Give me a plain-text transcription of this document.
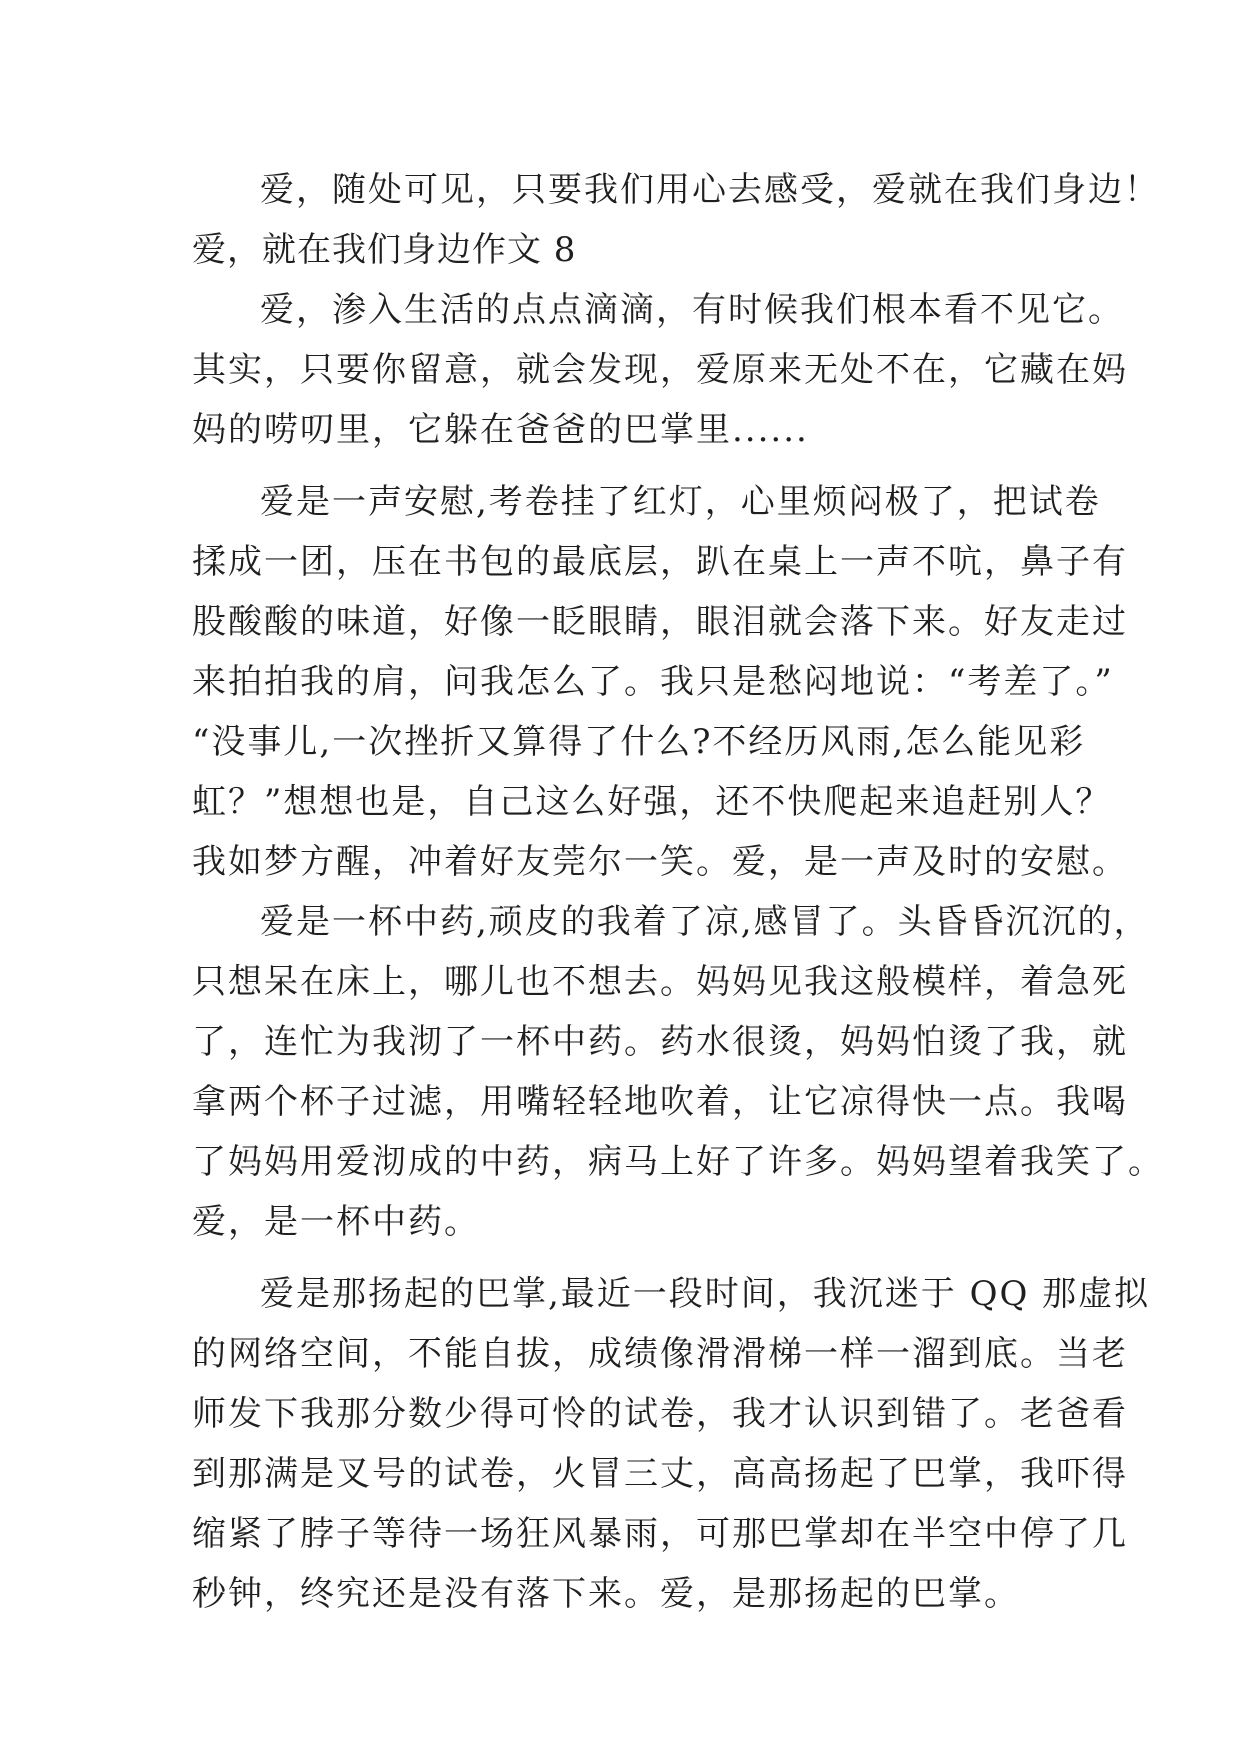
爱，随处可见，只要我们用心去感受，爱就在我们身边！
爱，就在我们身边作文 8
爱，渗入生活的点点滴滴，有时候我们根本看不见它。
其实，只要你留意，就会发现，爱原来无处不在，它藏在妈
妈的唠叨里，它躲在爸爸的巴掌里......
爱是一声安慰,考卷挂了红灯，心里烦闷极了，把试卷
揉成一团，压在书包的最底层，趴在桌上一声不吭，鼻子有
股酸酸的味道，好像一眨眼睛，眼泪就会落下来。好友走过
来拍拍我的肩，问我怎么了。我只是愁闷地说：“考差了。”
“没事儿,一次挫折又算得了什么?不经历风雨,怎么能见彩
虹？”想想也是，自己这么好强，还不快爬起来追赶别人？
我如梦方醒，冲着好友莞尔一笑。爱，是一声及时的安慰。
爱是一杯中药,顽皮的我着了凉,感冒了。头昏昏沉沉的，
只想呆在床上，哪儿也不想去。妈妈见我这般模样，着急死
了，连忙为我沏了一杯中药。药水很烫，妈妈怕烫了我，就
拿两个杯子过滤，用嘴轻轻地吹着，让它凉得快一点。我喝
了妈妈用爱沏成的中药，病马上好了许多。妈妈望着我笑了。
爱，是一杯中药。
爱是那扬起的巴掌,最近一段时间，我沉迷于 QQ 那虚拟
的网络空间，不能自拔，成绩像滑滑梯一样一溜到底。当老
师发下我那分数少得可怜的试卷，我才认识到错了。老爸看
到那满是叉号的试卷，火冒三丈，高高扬起了巴掌，我吓得
缩紧了脖子等待一场狂风暴雨，可那巴掌却在半空中停了几
秒钟，终究还是没有落下来。爱，是那扬起的巴掌。
